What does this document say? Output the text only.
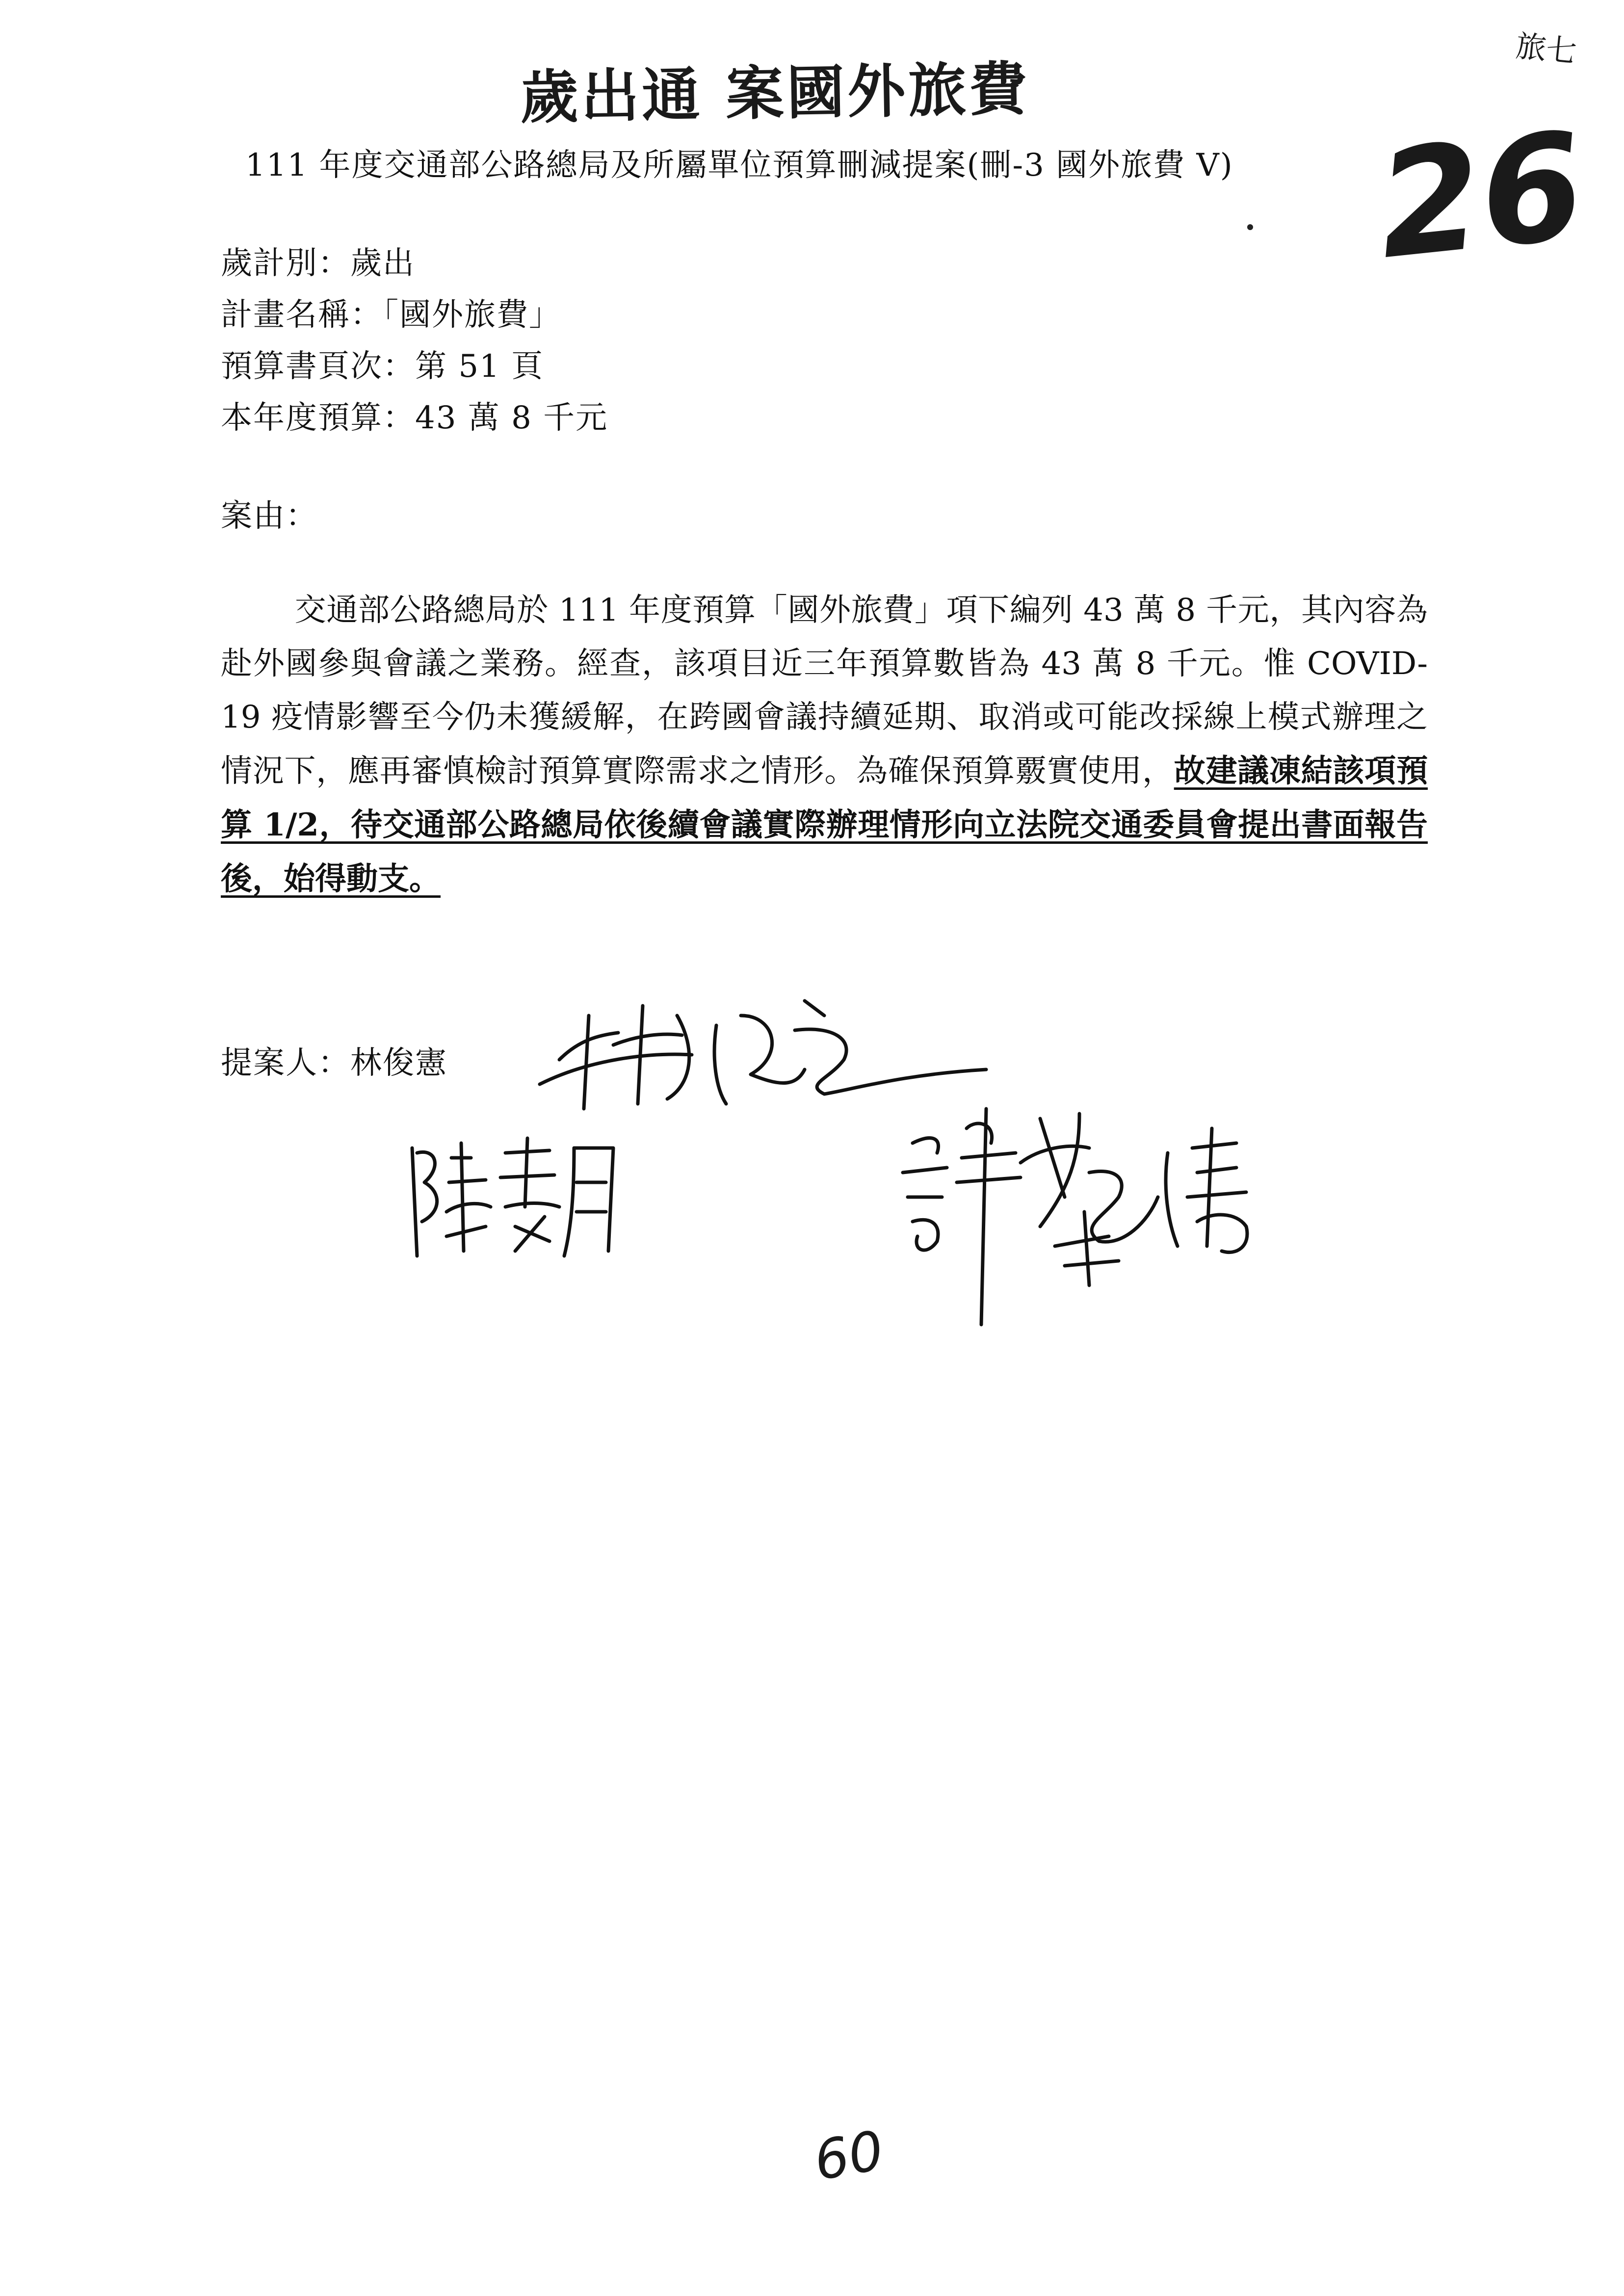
歲出通 案國外旅費
旅七
26
60
111 年度交通部公路總局及所屬單位預算刪減提案(刪-3 國外旅費 V)
歲計別：歲出
計畫名稱：「國外旅費」
預算書頁次：第 51 頁
本年度預算：43 萬 8 千元
案由：
交通部公路總局於 111 年度預算「國外旅費」項下編列 43 萬 8 千元，其內容為赴外國參與會議之業務。經查，該項目近三年預算數皆為 43 萬 8 千元。惟 COVID-19 疫情影響至今仍未獲緩解，在跨國會議持續延期、取消或可能改採線上模式辦理之情況下，應再審慎檢討預算實際需求之情形。為確保預算覈實使用，故建議凍結該項預算 1/2，待交通部公路總局依後續會議實際辦理情形向立法院交通委員會提出書面報告後，始得動支。
提案人：林俊憲
